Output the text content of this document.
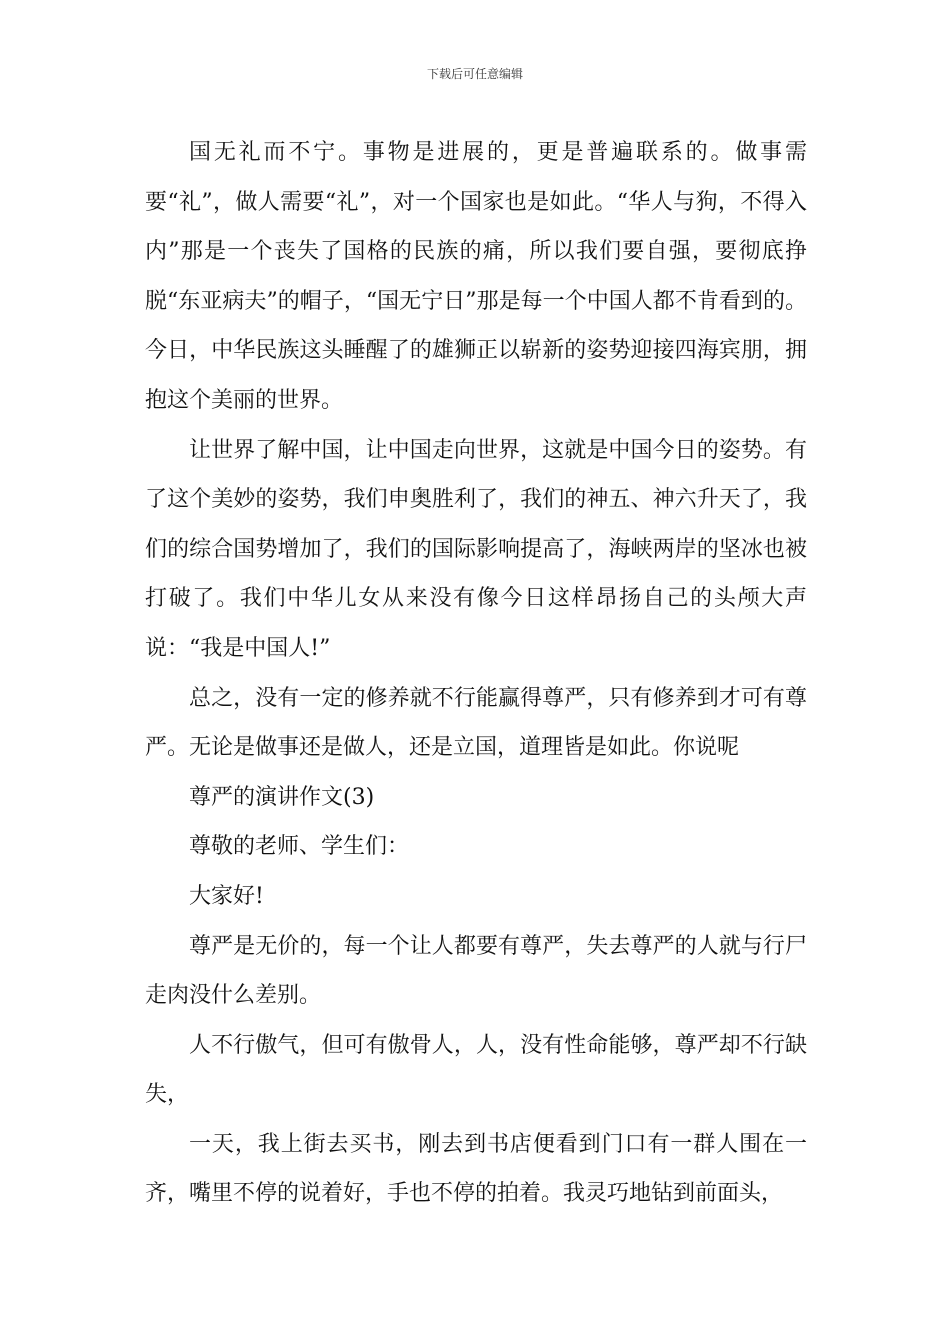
下载后可任意编辑

国无礼而不宁。事物是进展的，更是普遍联系的。做事需要“礼”，做人需要“礼”，对一个国家也是如此。“华人与狗，不得入内”那是一个丧失了国格的民族的痛，所以我们要自强，要彻底挣脱“东亚病夫”的帽子，“国无宁日”那是每一个中国人都不肯看到的。今日，中华民族这头睡醒了的雄狮正以崭新的姿势迎接四海宾朋，拥抱这个美丽的世界。

让世界了解中国，让中国走向世界，这就是中国今日的姿势。有了这个美妙的姿势，我们申奥胜利了，我们的神五、神六升天了，我们的综合国势增加了，我们的国际影响提高了，海峡两岸的坚冰也被打破了。我们中华儿女从来没有像今日这样昂扬自己的头颅大声说：“我是中国人!”

总之，没有一定的修养就不行能赢得尊严，只有修养到才可有尊严。无论是做事还是做人，还是立国，道理皆是如此。你说呢

尊严的演讲作文(3)

尊敬的老师、学生们：

大家好!

尊严是无价的，每一个让人都要有尊严，失去尊严的人就与行尸走肉没什么差别。

人不行傲气，但可有傲骨人，人，没有性命能够，尊严却不行缺失，

一天，我上街去买书，刚去到书店便看到门口有一群人围在一齐，嘴里不停的说着好，手也不停的拍着。我灵巧地钻到前面头，
